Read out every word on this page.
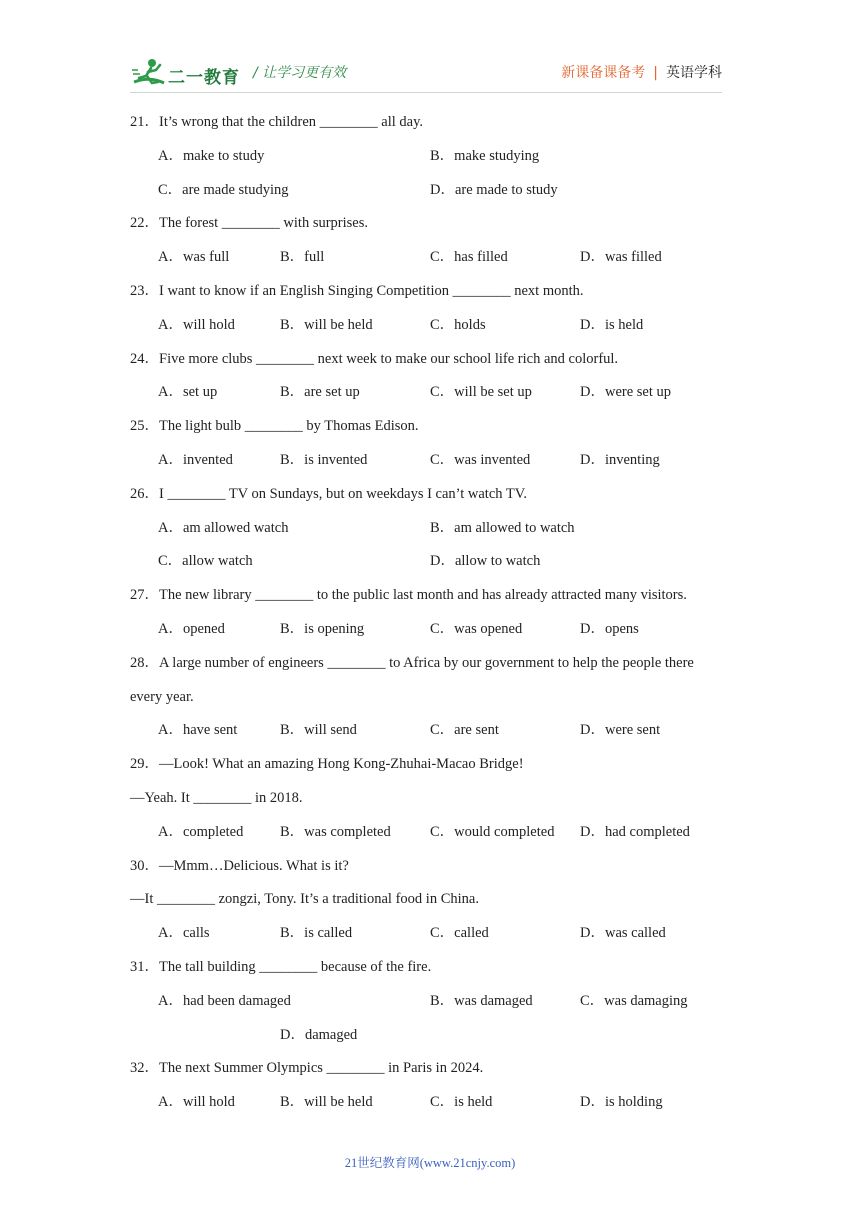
二一教育 / 让学习更有效	新课备课备考 | 英语学科
21．It’s wrong that the children ________ all day.
A．make to study	B．make studying
C．are made studying	D．are made to study
22．The forest ________ with surprises.
A．was full	B．full	C．has filled	D．was filled
23．I want to know if an English Singing Competition ________ next month.
A．will hold	B．will be held	C．holds	D．is held
24．Five more clubs ________ next week to make our school life rich and colorful.
A．set up	B．are set up	C．will be set up	D．were set up
25．The light bulb ________ by Thomas Edison.
A．invented	B．is invented	C．was invented	D．inventing
26．I ________ TV on Sundays, but on weekdays I can’t watch TV.
A．am allowed watch	B．am allowed to watch
C．allow watch	D．allow to watch
27．The new library ________ to the public last month and has already attracted many visitors.
A．opened	B．is opening	C．was opened	D．opens
28．A large number of engineers ________ to Africa by our government to help the people there
every year.
A．have sent	B．will send	C．are sent	D．were sent
29．—Look! What an amazing Hong Kong-Zhuhai-Macao Bridge!
—Yeah. It ________ in 2018.
A．completed	B．was completed	C．would completed D．had completed
30．—Mmm…Delicious. What is it?
—It ________ zongzi, Tony. It’s a traditional food in China.
A．calls	B．is called	C．called	D．was called
31．The tall building ________ because of the fire.
A．had been damaged	B．was damaged	C．was damaging
D．damaged
32．The next Summer Olympics ________ in Paris in 2024.
A．will hold	B．will be held	C．is held	D．is holding
21世纪教育网(www.21cnjy.com)
